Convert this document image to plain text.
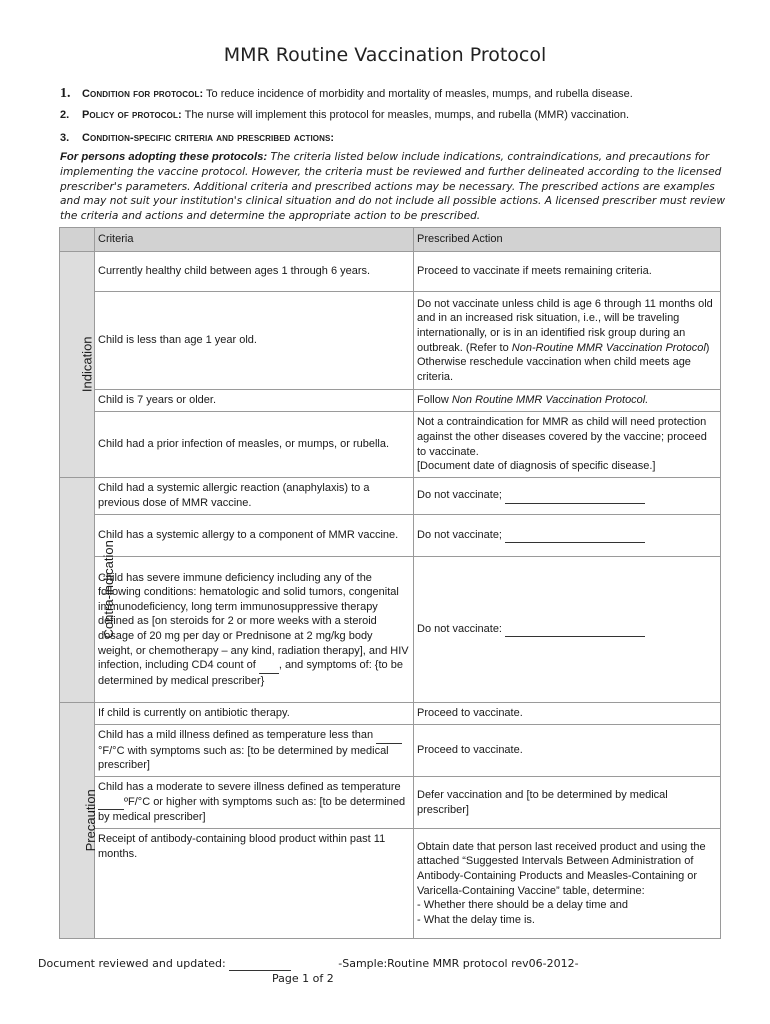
MMR Routine Vaccination Protocol
1. Condition for protocol: To reduce incidence of morbidity and mortality of measles, mumps, and rubella disease.
2. Policy of protocol: The nurse will implement this protocol for measles, mumps, and rubella (MMR) vaccination.
3. Condition-specific criteria and prescribed actions:
For persons adopting these protocols: The criteria listed below include indications, contraindications, and precautions for implementing the vaccine protocol. However, the criteria must be reviewed and further delineated according to the licensed prescriber's parameters. Additional criteria and prescribed actions may be necessary. The prescribed actions are examples and may not suit your institution's clinical situation and do not include all possible actions. A licensed prescriber must review the criteria and actions and determine the appropriate action to be prescribed.
	Criteria	Prescribed Action
Indication	Currently healthy child between ages 1 through 6 years.	Proceed to vaccinate if meets remaining criteria.
	Child is less than age 1 year old.	Do not vaccinate unless child is age 6 through 11 months old and in an increased risk situation, i.e., will be traveling internationally, or is in an identified risk group during an outbreak. (Refer to Non-Routine MMR Vaccination Protocol) Otherwise reschedule vaccination when child meets age criteria.
	Child is 7 years or older.	Follow Non Routine MMR Vaccination Protocol.
	Child had a prior infection of measles, or mumps, or rubella.	Not a contraindication for MMR as child will need protection against the other diseases covered by the vaccine; proceed to vaccinate.
[Document date of diagnosis of specific disease.]
Contra-indication	Child had a systemic allergic reaction (anaphylaxis) to a previous dose of MMR vaccine.	Do not vaccinate;
	Child has a systemic allergy to a component of MMR vaccine.	Do not vaccinate;
	Child has severe immune deficiency including any of the following conditions: hematologic and solid tumors, congenital immunodeficiency, long term immunosuppressive therapy defined as [on steroids for 2 or more weeks with a steroid dosage of 20 mg per day or Prednisone at 2 mg/kg body weight, or chemotherapy – any kind, radiation therapy], and HIV infection, including CD4 count of  , and symptoms of: {to be determined by medical prescriber}	Do not vaccinate:
Precaution	If child is currently on antibiotic therapy.	Proceed to vaccinate.
	Child has a mild illness defined as temperature less than  °F/°C with symptoms such as: [to be determined by medical prescriber]	Proceed to vaccinate.
	Child has a moderate to severe illness defined as temperature  ºF/°C or higher with symptoms such as: [to be determined by medical prescriber]	Defer vaccination and [to be determined by medical prescriber]
	Receipt of antibody-containing blood product within past 11 months.	Obtain date that person last received product and using the attached “Suggested Intervals Between Administration of Antibody-Containing Products and Measles-Containing or Varicella-Containing Vaccine” table, determine:
- Whether there should be a delay time and
- What the delay time is.
Document reviewed and updated:	-Sample:Routine MMR protocol rev06-2012-
Page 1 of 2
